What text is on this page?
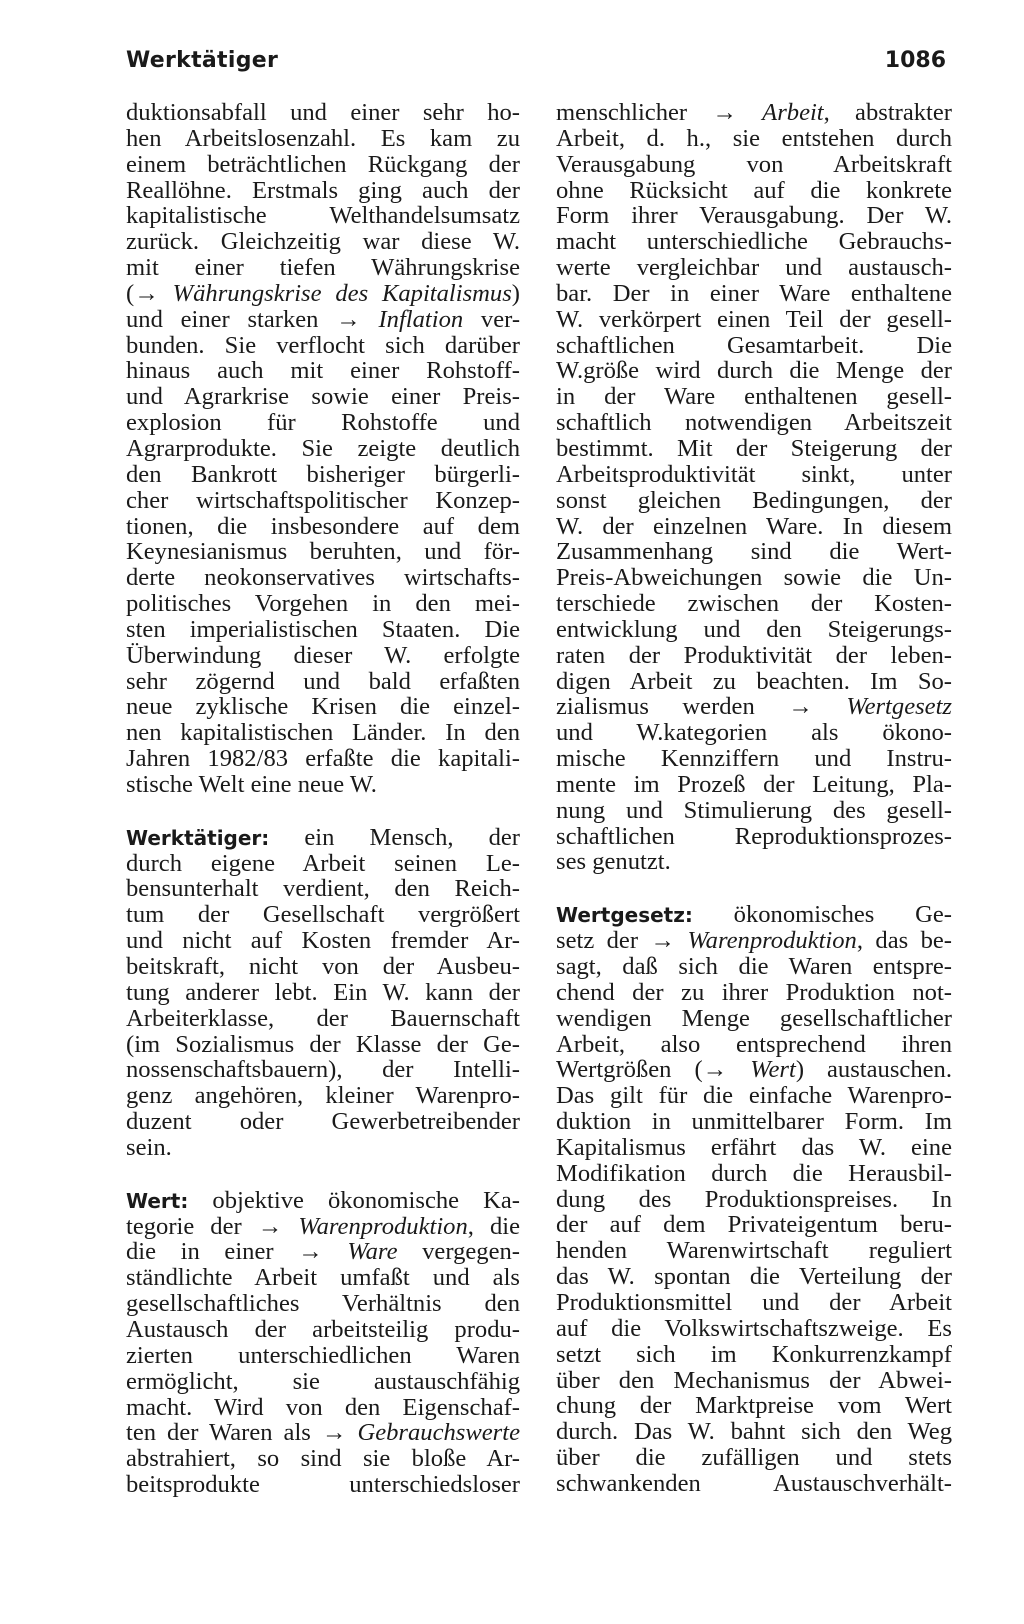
Werktätiger	1086

duktionsabfall und einer sehr ho-
hen Arbeitslosenzahl. Es kam zu
einem beträchtlichen Rückgang der
Reallöhne. Erstmals ging auch der
kapitalistische Welthandelsumsatz
zurück. Gleichzeitig war diese W.
mit einer tiefen Währungskrise
(→ Währungskrise des Kapitalismus)
und einer starken → Inflation ver-
bunden. Sie verflocht sich darüber
hinaus auch mit einer Rohstoff-
und Agrarkrise sowie einer Preis-
explosion für Rohstoffe und
Agrarprodukte. Sie zeigte deutlich
den Bankrott bisheriger bürgerli-
cher wirtschaftspolitischer Konzep-
tionen, die insbesondere auf dem
Keynesianismus beruhten, und för-
derte neokonservatives wirtschafts-
politisches Vorgehen in den mei-
sten imperialistischen Staaten. Die
Überwindung dieser W. erfolgte
sehr zögernd und bald erfaßten
neue zyklische Krisen die einzel-
nen kapitalistischen Länder. In den
Jahren 1982/83 erfaßte die kapitali-
stische Welt eine neue W.

Werktätiger: ein Mensch, der
durch eigene Arbeit seinen Le-
bensunterhalt verdient, den Reich-
tum der Gesellschaft vergrößert
und nicht auf Kosten fremder Ar-
beitskraft, nicht von der Ausbeu-
tung anderer lebt. Ein W. kann der
Arbeiterklasse, der Bauernschaft
(im Sozialismus der Klasse der Ge-
nossenschaftsbauern), der Intelli-
genz angehören, kleiner Warenpro-
duzent oder Gewerbetreibender
sein.

Wert: objektive ökonomische Ka-
tegorie der → Warenproduktion, die
die in einer → Ware vergegen-
ständlichte Arbeit umfaßt und als
gesellschaftliches Verhältnis den
Austausch der arbeitsteilig produ-
zierten unterschiedlichen Waren
ermöglicht, sie austauschfähig
macht. Wird von den Eigenschaf-
ten der Waren als → Gebrauchswerte
abstrahiert, so sind sie bloße Ar-
beitsprodukte unterschiedsloser

menschlicher → Arbeit, abstrakter
Arbeit, d. h., sie entstehen durch
Verausgabung von Arbeitskraft
ohne Rücksicht auf die konkrete
Form ihrer Verausgabung. Der W.
macht unterschiedliche Gebrauchs-
werte vergleichbar und austausch-
bar. Der in einer Ware enthaltene
W. verkörpert einen Teil der gesell-
schaftlichen Gesamtarbeit. Die
W.größe wird durch die Menge der
in der Ware enthaltenen gesell-
schaftlich notwendigen Arbeitszeit
bestimmt. Mit der Steigerung der
Arbeitsproduktivität sinkt, unter
sonst gleichen Bedingungen, der
W. der einzelnen Ware. In diesem
Zusammenhang sind die Wert-
Preis-Abweichungen sowie die Un-
terschiede zwischen der Kosten-
entwicklung und den Steigerungs-
raten der Produktivität der leben-
digen Arbeit zu beachten. Im So-
zialismus werden → Wertgesetz
und W.kategorien als ökono-
mische Kennziffern und Instru-
mente im Prozeß der Leitung, Pla-
nung und Stimulierung des gesell-
schaftlichen Reproduktionsprozes-
ses genutzt.

Wertgesetz: ökonomisches Ge-
setz der → Warenproduktion, das be-
sagt, daß sich die Waren entspre-
chend der zu ihrer Produktion not-
wendigen Menge gesellschaftlicher
Arbeit, also entsprechend ihren
Wertgrößen (→ Wert) austauschen.
Das gilt für die einfache Warenpro-
duktion in unmittelbarer Form. Im
Kapitalismus erfährt das W. eine
Modifikation durch die Herausbil-
dung des Produktionspreises. In
der auf dem Privateigentum beru-
henden Warenwirtschaft reguliert
das W. spontan die Verteilung der
Produktionsmittel und der Arbeit
auf die Volkswirtschaftszweige. Es
setzt sich im Konkurrenzkampf
über den Mechanismus der Abwei-
chung der Marktpreise vom Wert
durch. Das W. bahnt sich den Weg
über die zufälligen und stets
schwankenden Austauschverhält-
